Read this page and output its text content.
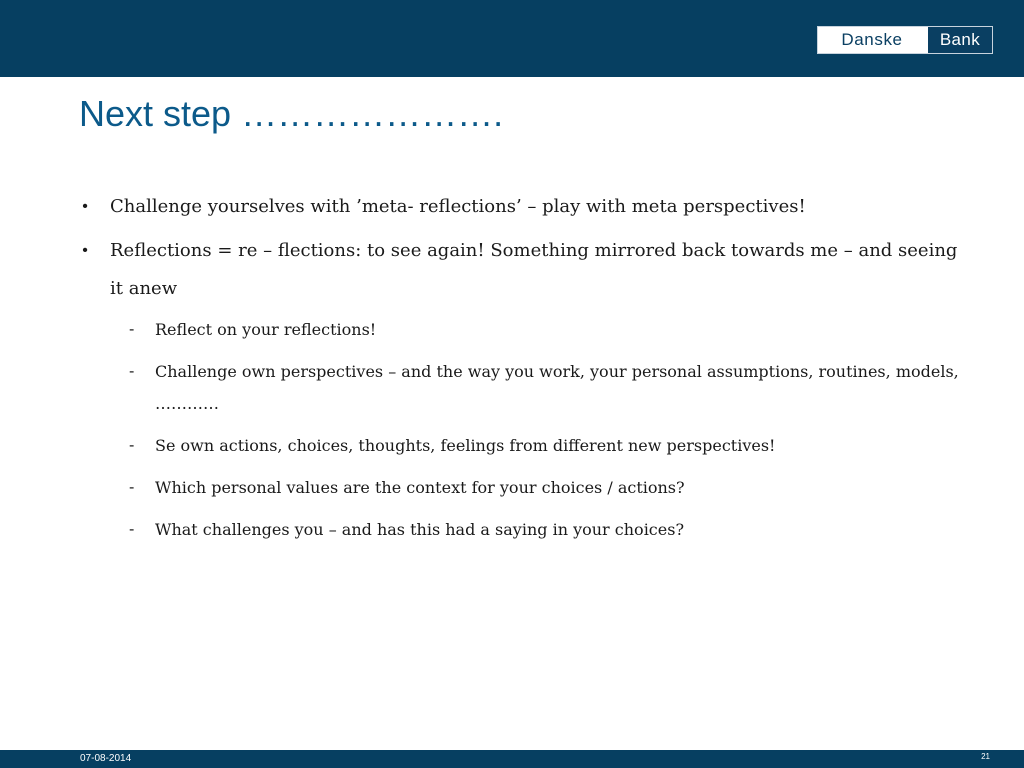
Danske	Bank
Next step ………………….
• Challenge yourselves with ’meta- reflections’ – play with meta perspectives!
• Reflections = re – flections: to see again! Something mirrored back towards me – and seeing it anew
- Reflect on your reflections!
- Challenge own perspectives – and the way you work, your personal assumptions, routines, models, …………
- Se own actions, choices, thoughts, feelings from different new perspectives!
- Which personal values are the context for your choices / actions?
- What challenges you – and has this had a saying in your choices?
07-08-2014	21
